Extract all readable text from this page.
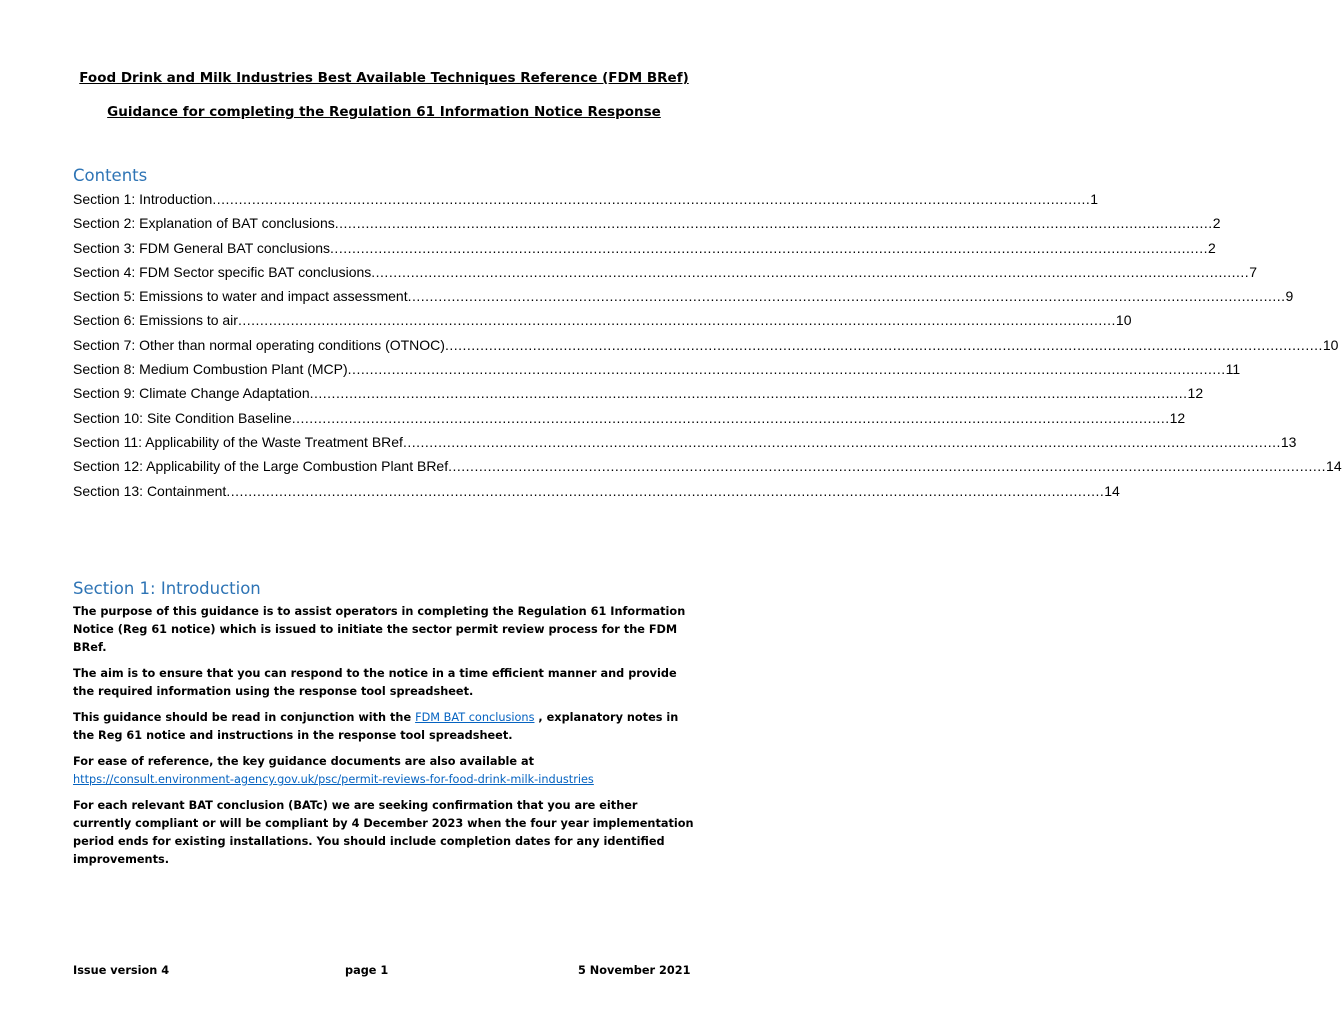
Food Drink and Milk Industries Best Available Techniques Reference (FDM BRef)
Guidance for completing the Regulation 61 Information Notice Response
Contents
Section 1: Introduction ........................................................................................................................................................................................................ 1
Section 2: Explanation of BAT conclusions ........................................................................................................................................................................................................ 2
Section 3: FDM General BAT conclusions ........................................................................................................................................................................................................ 2
Section 4: FDM Sector specific BAT conclusions ........................................................................................................................................................................................................ 7
Section 5: Emissions to water and impact assessment ........................................................................................................................................................................................................ 9
Section 6: Emissions to air ........................................................................................................................................................................................................ 10
Section 7: Other than normal operating conditions (OTNOC) ........................................................................................................................................................................................................ 10
Section 8: Medium Combustion Plant (MCP) ........................................................................................................................................................................................................ 11
Section 9: Climate Change Adaptation ........................................................................................................................................................................................................ 12
Section 10: Site Condition Baseline ........................................................................................................................................................................................................ 12
Section 11: Applicability of the Waste Treatment BRef ........................................................................................................................................................................................................ 13
Section 12: Applicability of the Large Combustion Plant BRef ........................................................................................................................................................................................................ 14
Section 13: Containment ........................................................................................................................................................................................................ 14
Section 1: Introduction

The purpose of this guidance is to assist operators in completing the Regulation 61 Information Notice (Reg 61 notice) which is issued to initiate the sector permit review process for the FDM BRef.

The aim is to ensure that you can respond to the notice in a time efficient manner and provide the required information using the response tool spreadsheet.

This guidance should be read in conjunction with the FDM BAT conclusions , explanatory notes in the Reg 61 notice and instructions in the response tool spreadsheet.

For ease of reference, the key guidance documents are also available at https://consult.environment-agency.gov.uk/psc/permit-reviews-for-food-drink-milk-industries

For each relevant BAT conclusion (BATc) we are seeking confirmation that you are either currently compliant or will be compliant by 4 December 2023 when the four year implementation period ends for existing installations. You should include completion dates for any identified improvements.

Issue version 4	page 1	5 November 2021
